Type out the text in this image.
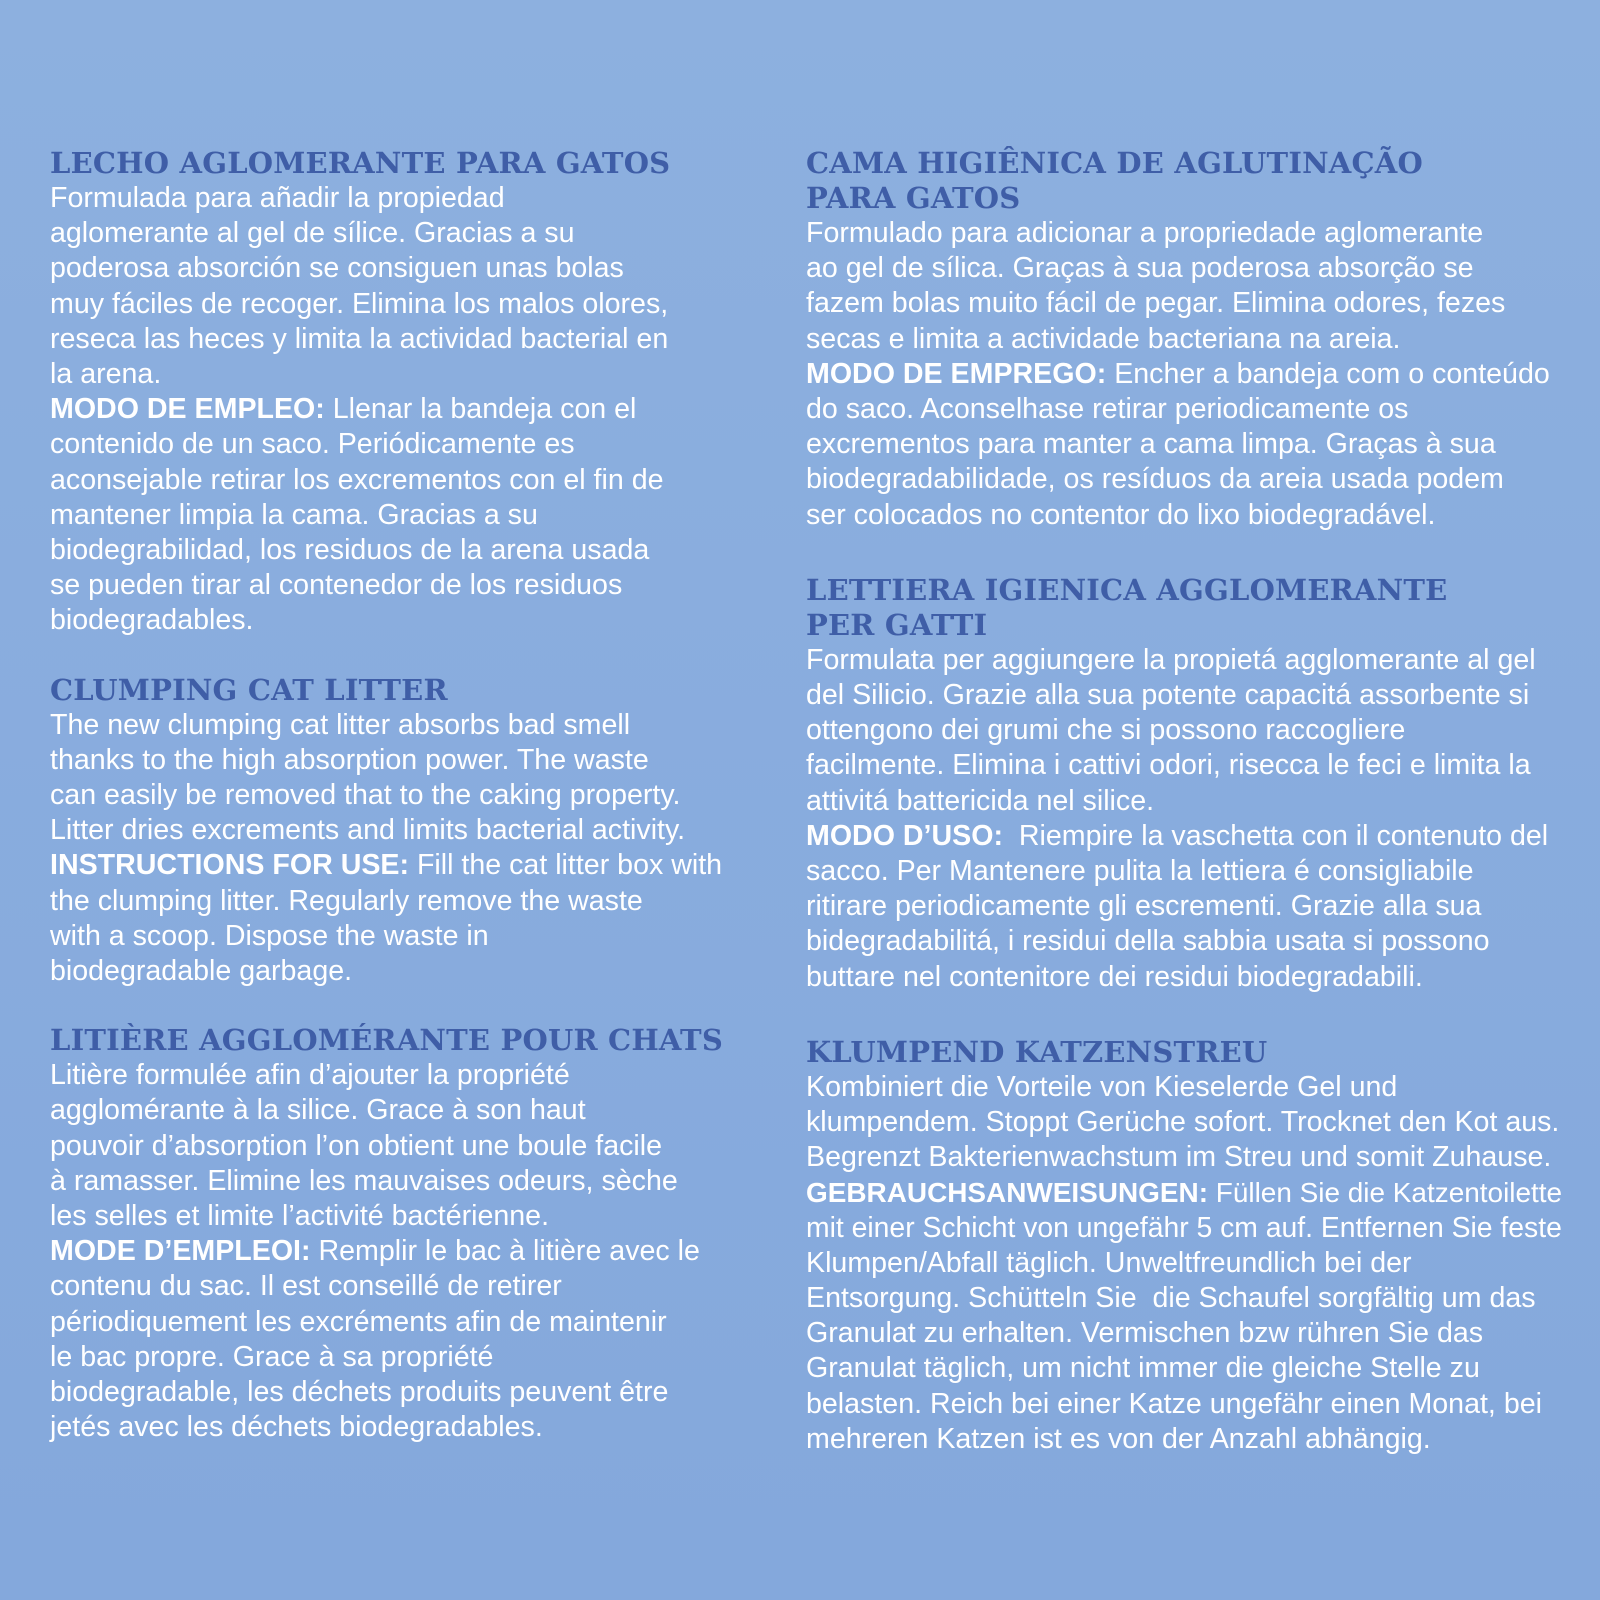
LECHO AGLOMERANTE PARA GATOS
Formulada para añadir la propiedad
aglomerante al gel de sílice. Gracias a su
poderosa absorción se consiguen unas bolas
muy fáciles de recoger. Elimina los malos olores,
reseca las heces y limita la actividad bacterial en
la arena.
MODO DE EMPLEO: Llenar la bandeja con el
contenido de un saco. Periódicamente es
aconsejable retirar los excrementos con el fin de
mantener limpia la cama. Gracias a su
biodegrabilidad, los residuos de la arena usada
se pueden tirar al contenedor de los residuos
biodegradables.
CLUMPING CAT LITTER
The new clumping cat litter absorbs bad smell
thanks to the high absorption power. The waste
can easily be removed that to the caking property.
Litter dries excrements and limits bacterial activity.
INSTRUCTIONS FOR USE: Fill the cat litter box with
the clumping litter. Regularly remove the waste
with a scoop. Dispose the waste in
biodegradable garbage.
LITIÈRE AGGLOMÉRANTE POUR CHATS
Litière formulée afin d’ajouter la propriété
agglomérante à la silice. Grace à son haut
pouvoir d’absorption l’on obtient une boule facile
à ramasser. Elimine les mauvaises odeurs, sèche
les selles et limite l’activité bactérienne.
MODE D’EMPLEOI: Remplir le bac à litière avec le
contenu du sac. Il est conseillé de retirer
périodiquement les excréments afin de maintenir
le bac propre. Grace à sa propriété
biodegradable, les déchets produits peuvent être
jetés avec les déchets biodegradables.
CAMA HIGIÊNICA DE AGLUTINAÇÃO
PARA GATOS
Formulado para adicionar a propriedade aglomerante
ao gel de sílica. Graças à sua poderosa absorção se
fazem bolas muito fácil de pegar. Elimina odores, fezes
secas e limita a actividade bacteriana na areia.
MODO DE EMPREGO: Encher a bandeja com o conteúdo
do saco. Aconselhase retirar periodicamente os
excrementos para manter a cama limpa. Graças à sua
biodegradabilidade, os resíduos da areia usada podem
ser colocados no contentor do lixo biodegradável.
LETTIERA IGIENICA AGGLOMERANTE
PER GATTI
Formulata per aggiungere la propietá agglomerante al gel
del Silicio. Grazie alla sua potente capacitá assorbente si
ottengono dei grumi che si possono raccogliere
facilmente. Elimina i cattivi odori, risecca le feci e limita la
attivitá battericida nel silice.
MODO D’USO:  Riempire la vaschetta con il contenuto del
sacco. Per Mantenere pulita la lettiera é consigliabile
ritirare periodicamente gli escrementi. Grazie alla sua
bidegradabilitá, i residui della sabbia usata si possono
buttare nel contenitore dei residui biodegradabili.
KLUMPEND KATZENSTREU
Kombiniert die Vorteile von Kieselerde Gel und
klumpendem. Stoppt Gerüche sofort. Trocknet den Kot aus.
Begrenzt Bakterienwachstum im Streu und somit Zuhause.
GEBRAUCHSANWEISUNGEN: Füllen Sie die Katzentoilette
mit einer Schicht von ungefähr 5 cm auf. Entfernen Sie feste
Klumpen/Abfall täglich. Unweltfreundlich bei der
Entsorgung. Schütteln Sie  die Schaufel sorgfältig um das
Granulat zu erhalten. Vermischen bzw rühren Sie das
Granulat täglich, um nicht immer die gleiche Stelle zu
belasten. Reich bei einer Katze ungefähr einen Monat, bei
mehreren Katzen ist es von der Anzahl abhängig.
